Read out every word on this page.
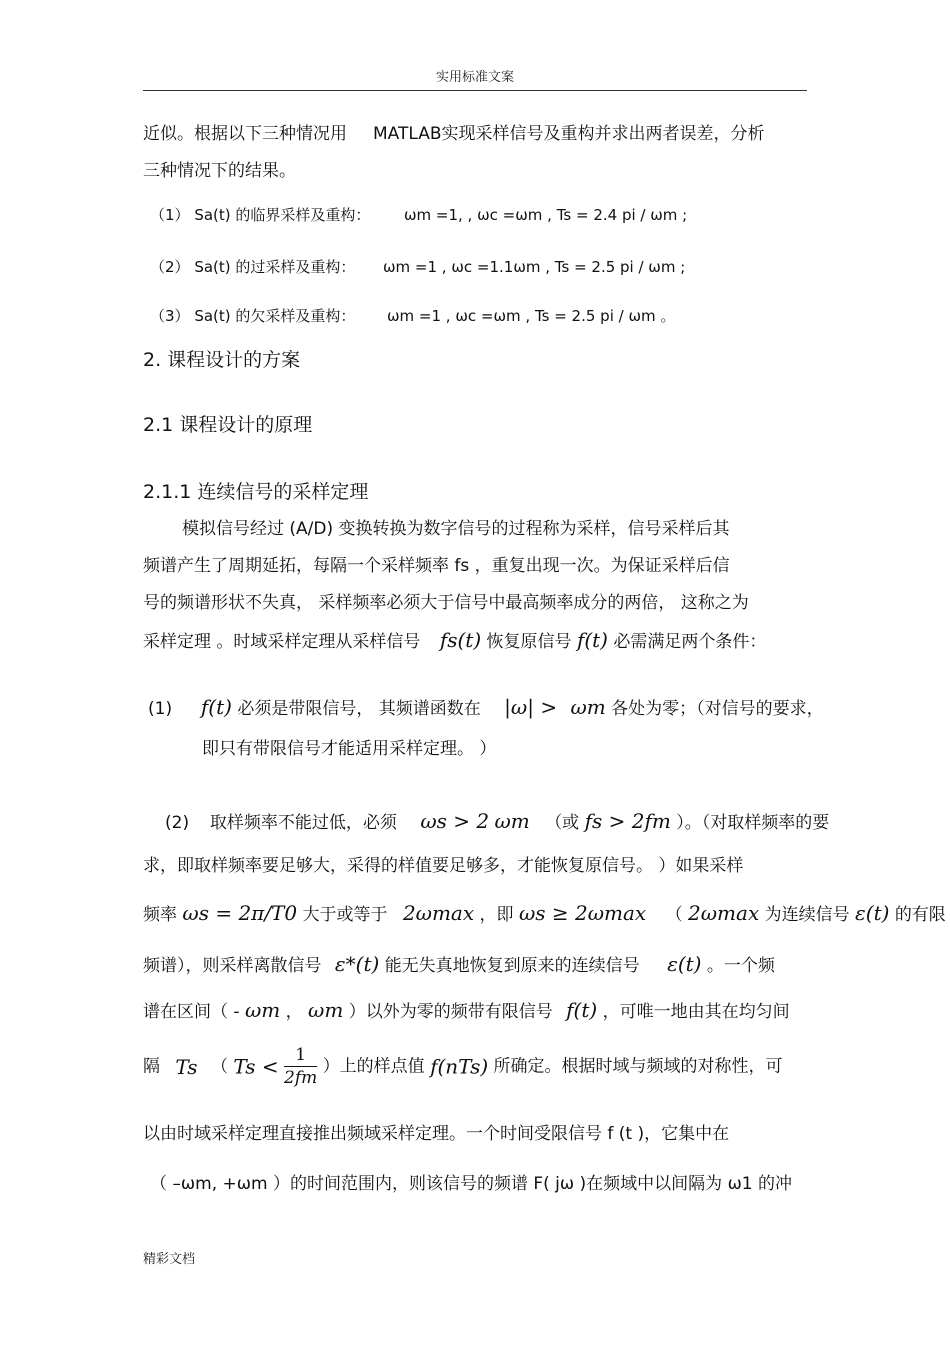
实用标准文案
近似。根据以下三种情况用 MATLAB实现采样信号及重构并求出两者误差，分析
三种情况下的结果。
（1） Sa(t) 的临界采样及重构： ωm =1, , ωc =ωm , Ts = 2.4 pi / ωm ;
（2） Sa(t) 的过采样及重构： ωm =1 , ωc =1.1ωm , Ts = 2.5 pi / ωm ;
（3） Sa(t) 的欠采样及重构： ωm =1 , ωc =ωm , Ts = 2.5 pi / ωm 。
2. 课程设计的方案
2.1 课程设计的原理
2.1.1 连续信号的采样定理
模拟信号经过 (A/D) 变换转换为数字信号的过程称为采样，信号采样后其
频谱产生了周期延拓，每隔一个采样频率 fs ，重复出现一次。为保证采样后信
号的频谱形状不失真， 采样频率必须大于信号中最高频率成分的两倍， 这称之为
采样定理 。时域采样定理从采样信号 fs(t) 恢复原信号 f(t) 必需满足两个条件：
(1) f(t) 必须是带限信号， 其频谱函数在 |ω| > ωm 各处为零；（对信号的要求，
即只有带限信号才能适用采样定理。 ）
(2) 取样频率不能过低，必须 ωs > 2 ωm （或 fs > 2fm ）。（对取样频率的要
求，即取样频率要足够大，采得的样值要足够多，才能恢复原信号。 ）如果采样
频率 ωs = 2π/T0 大于或等于 2ωmax ，即 ωs ≥ 2ωmax （ 2ωmax 为连续信号 ε(t) 的有限
频谱），则采样离散信号 ε*(t) 能无失真地恢复到原来的连续信号 ε(t) 。一个频
谱在区间（ - ωm ， ωm ）以外为零的频带有限信号 f(t) ，可唯一地由其在均匀间
隔 Ts （ $Ts < \frac{1}{2fm}$ ）上的样点值 f(nTs) 所确定。根据时域与频域的对称性，可
以由时域采样定理直接推出频域采样定理。一个时间受限信号 f (t )，它集中在
（ –ωm, +ωm ）的时间范围内，则该信号的频谱 F( jω )在频域中以间隔为 ω1 的冲
精彩文档
